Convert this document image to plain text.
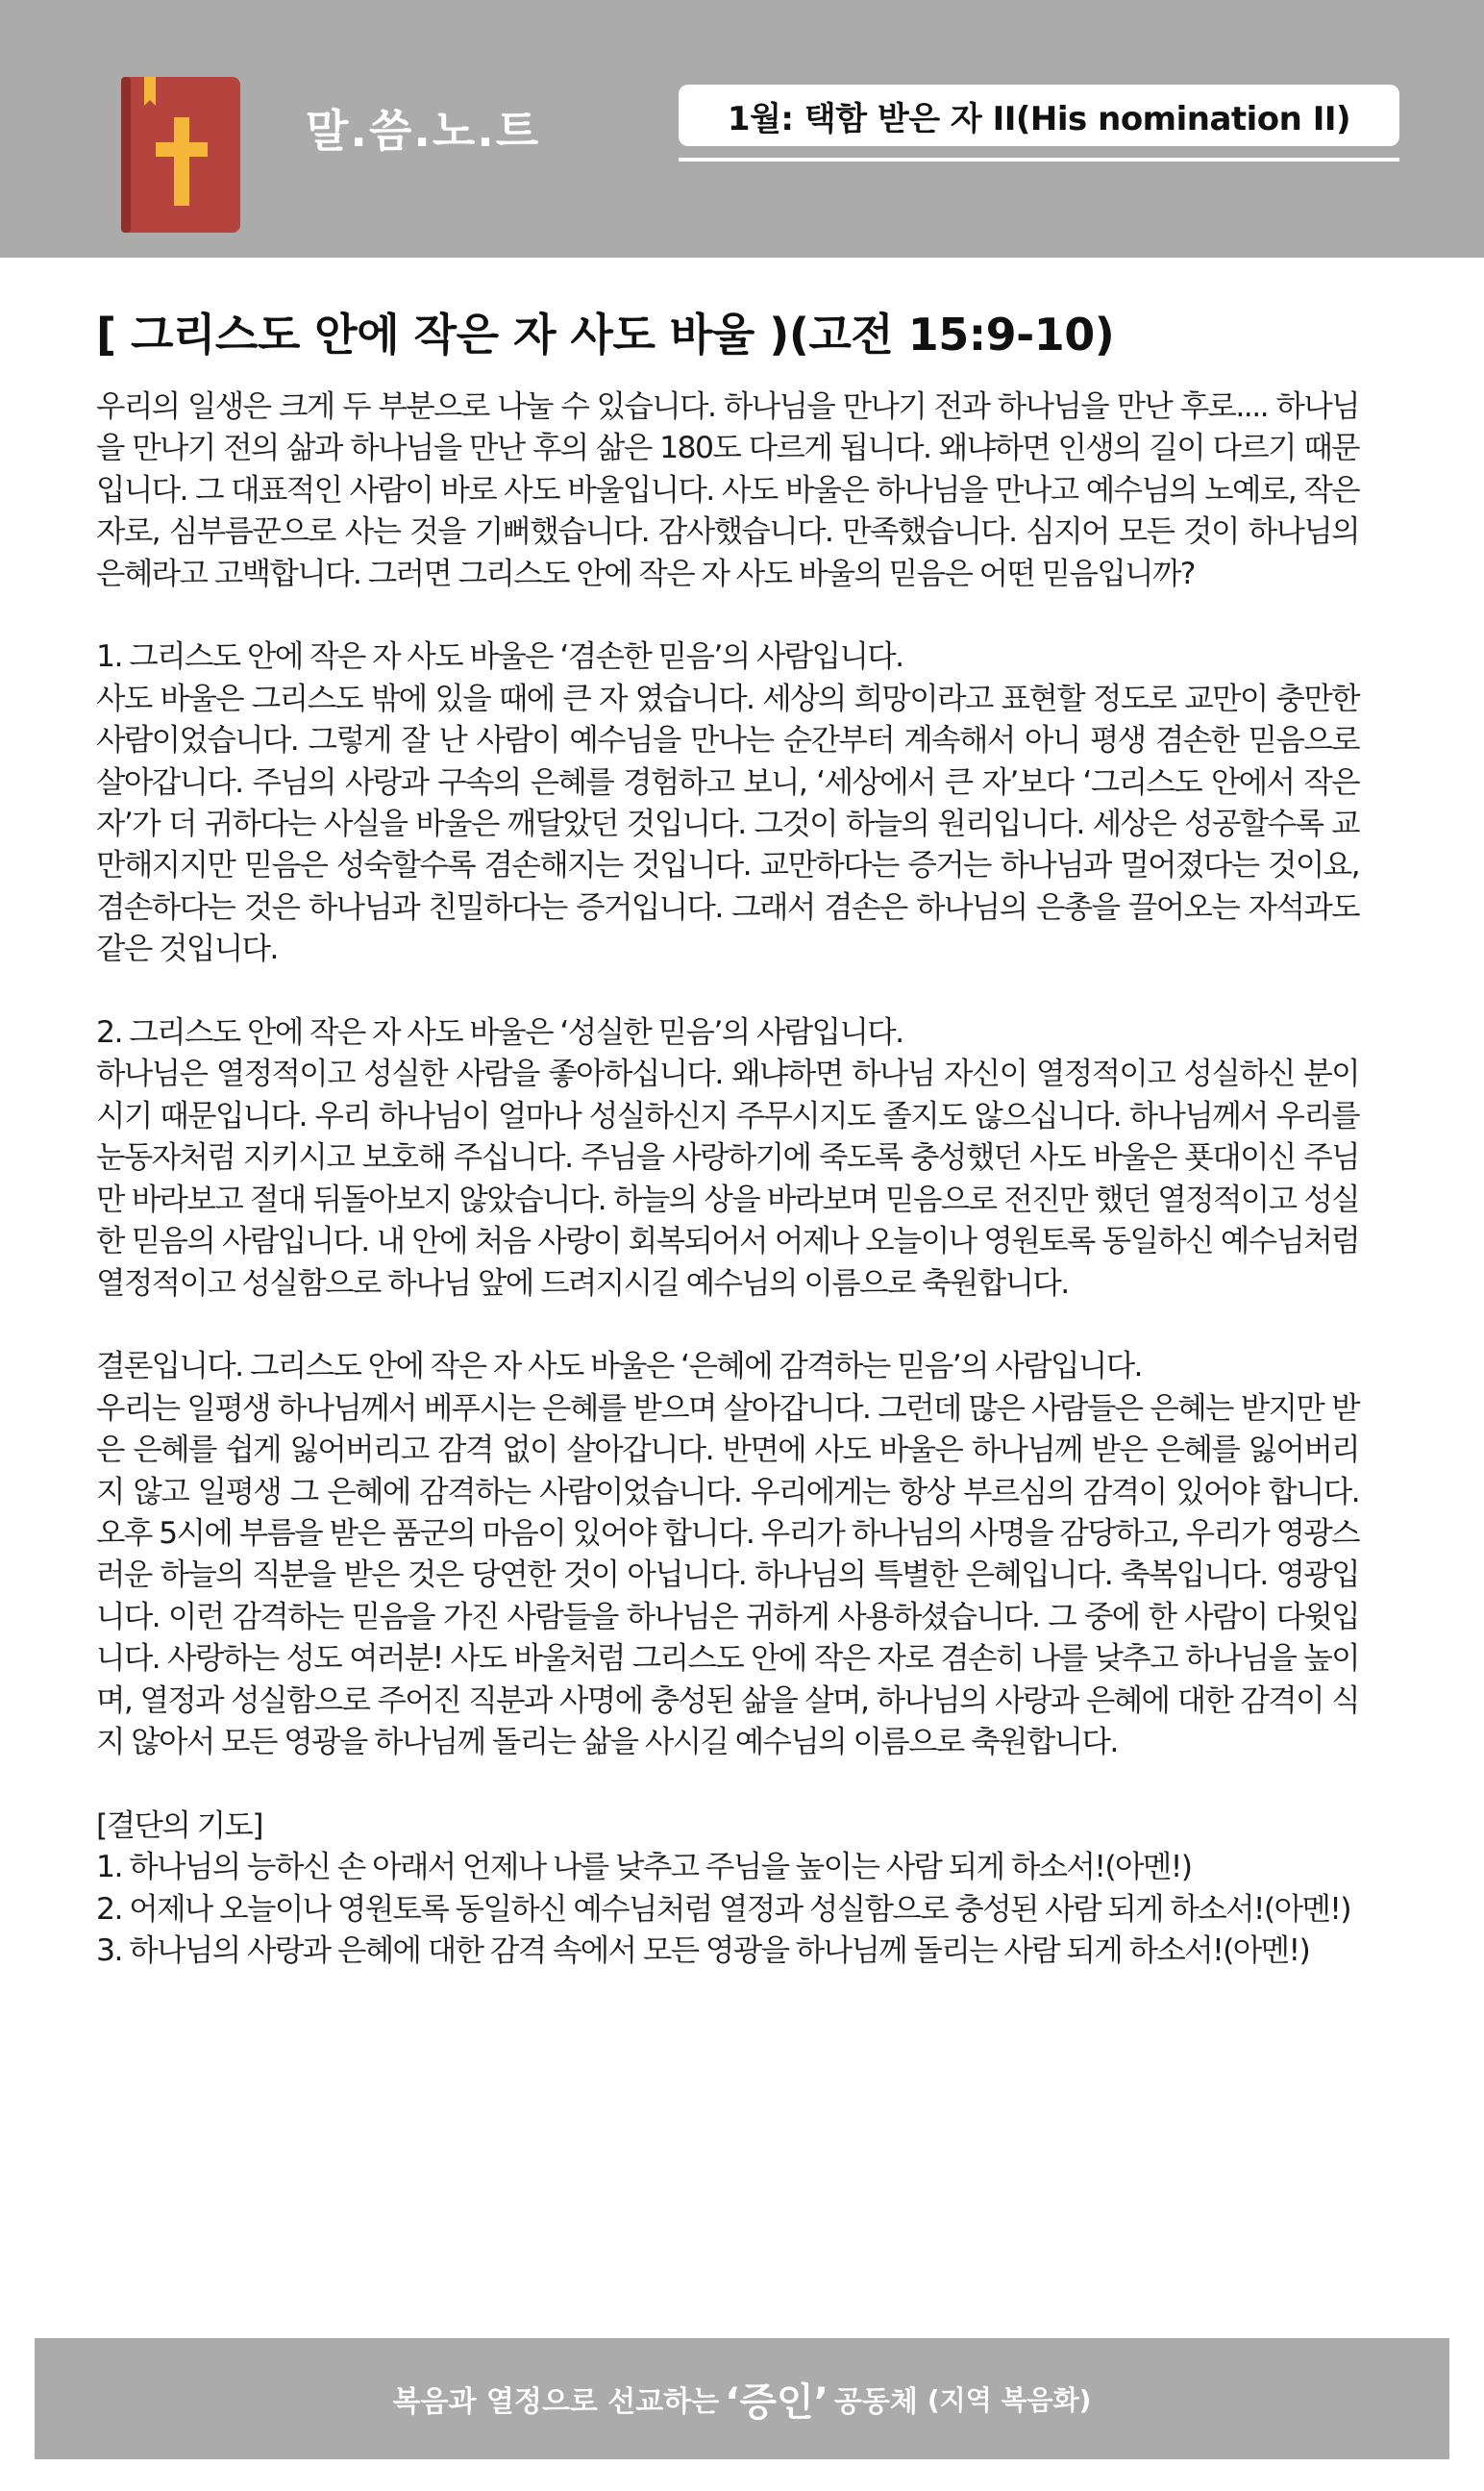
말.씀.노.트	1월: 택함 받은 자 II(His nomination II)
[ 그리스도 안에 작은 자 사도 바울 )(고전 15:9-10)

우리의 일생은 크게 두 부분으로 나눌 수 있습니다. 하나님을 만나기 전과 하나님을 만난 후로.... 하나님을 만나기 전의 삶과 하나님을 만난 후의 삶은 180도 다르게 됩니다. 왜냐하면 인생의 길이 다르기 때문입니다. 그 대표적인 사람이 바로 사도 바울입니다. 사도 바울은 하나님을 만나고 예수님의 노예로, 작은 자로, 심부름꾼으로 사는 것을 기뻐했습니다. 감사했습니다. 만족했습니다. 심지어 모든 것이 하나님의 은혜라고 고백합니다. 그러면 그리스도 안에 작은 자 사도 바울의 믿음은 어떤 믿음입니까?

1. 그리스도 안에 작은 자 사도 바울은 ‘겸손한 믿음’의 사람입니다.

사도 바울은 그리스도 밖에 있을 때에 큰 자 였습니다. 세상의 희망이라고 표현할 정도로 교만이 충만한 사람이었습니다. 그렇게 잘 난 사람이 예수님을 만나는 순간부터 계속해서 아니 평생 겸손한 믿음으로 살아갑니다. 주님의 사랑과 구속의 은혜를 경험하고 보니, ‘세상에서 큰 자’보다 ‘그리스도 안에서 작은 자’가 더 귀하다는 사실을 바울은 깨달았던 것입니다. 그것이 하늘의 원리입니다. 세상은 성공할수록 교만해지지만 믿음은 성숙할수록 겸손해지는 것입니다. 교만하다는 증거는 하나님과 멀어졌다는 것이요, 겸손하다는 것은 하나님과 친밀하다는 증거입니다. 그래서 겸손은 하나님의 은총을 끌어오는 자석과도 같은 것입니다.

2. 그리스도 안에 작은 자 사도 바울은 ‘성실한 믿음’의 사람입니다.

하나님은 열정적이고 성실한 사람을 좋아하십니다. 왜냐하면 하나님 자신이 열정적이고 성실하신 분이시기 때문입니다. 우리 하나님이 얼마나 성실하신지 주무시지도 졸지도 않으십니다. 하나님께서 우리를 눈동자처럼 지키시고 보호해 주십니다. 주님을 사랑하기에 죽도록 충성했던 사도 바울은 푯대이신 주님만 바라보고 절대 뒤돌아보지 않았습니다. 하늘의 상을 바라보며 믿음으로 전진만 했던 열정적이고 성실한 믿음의 사람입니다. 내 안에 처음 사랑이 회복되어서 어제나 오늘이나 영원토록 동일하신 예수님처럼 열정적이고 성실함으로 하나님 앞에 드려지시길 예수님의 이름으로 축원합니다.

결론입니다. 그리스도 안에 작은 자 사도 바울은 ‘은혜에 감격하는 믿음’의 사람입니다.

우리는 일평생 하나님께서 베푸시는 은혜를 받으며 살아갑니다. 그런데 많은 사람들은 은혜는 받지만 받은 은혜를 쉽게 잃어버리고 감격 없이 살아갑니다. 반면에 사도 바울은 하나님께 받은 은혜를 잃어버리지 않고 일평생 그 은혜에 감격하는 사람이었습니다. 우리에게는 항상 부르심의 감격이 있어야 합니다. 오후 5시에 부름을 받은 품군의 마음이 있어야 합니다. 우리가 하나님의 사명을 감당하고, 우리가 영광스러운 하늘의 직분을 받은 것은 당연한 것이 아닙니다. 하나님의 특별한 은혜입니다. 축복입니다. 영광입니다. 이런 감격하는 믿음을 가진 사람들을 하나님은 귀하게 사용하셨습니다. 그 중에 한 사람이 다윗입니다. 사랑하는 성도 여러분! 사도 바울처럼 그리스도 안에 작은 자로 겸손히 나를 낮추고 하나님을 높이며, 열정과 성실함으로 주어진 직분과 사명에 충성된 삶을 살며, 하나님의 사랑과 은혜에 대한 감격이 식지 않아서 모든 영광을 하나님께 돌리는 삶을 사시길 예수님의 이름으로 축원합니다.

[결단의 기도]

1. 하나님의 능하신 손 아래서 언제나 나를 낮추고 주님을 높이는 사람 되게 하소서!(아멘!)

2. 어제나 오늘이나 영원토록 동일하신 예수님처럼 열정과 성실함으로 충성된 사람 되게 하소서!(아멘!)

3. 하나님의 사랑과 은혜에 대한 감격 속에서 모든 영광을 하나님께 돌리는 사람 되게 하소서!(아멘!)

복음과 열정으로 선교하는 ‘증인’ 공동체 (지역 복음화)
